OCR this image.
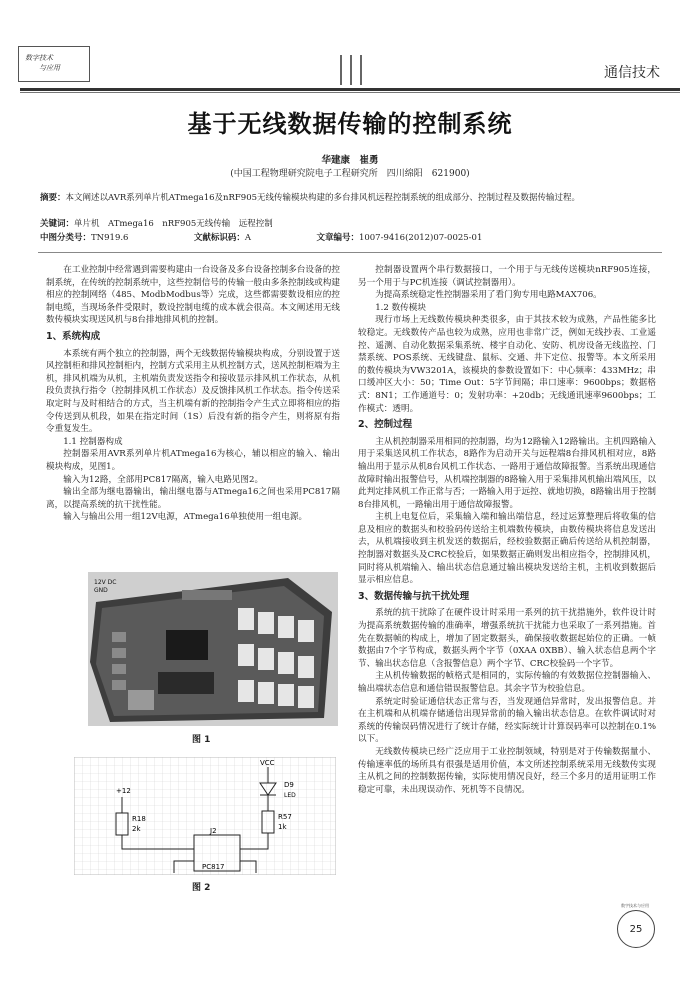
数字技术
与应用	通信技术
基于无线数据传输的控制系统
华建康　崔勇
(中国工程物理研究院电子工程研究所　四川绵阳　621900)
摘要：本文阐述以AVR系列单片机ATmega16及nRF905无线传输模块构建的多台排风机远程控制系统的组成部分、控制过程及数据传输过程。
关键词：单片机　ATmega16　nRF905无线传输　远程控制
中图分类号：TN919.6	文献标识码：A	文章编号：1007-9416(2012)07-0025-01

在工业控制中经常遇到需要构建由一台设备及多台设备控制多台设备的控制系统，在传统的控制系统中，这些控制信号的传输一般由多条控制线或构建相应的控制网络（485、ModbModbus等）完成，这些都需要数设相应的控制电缆，当现场条件受限时，数设控制电缆的成本就会很高。本文阐述用无线数传模块实现送风机与8台排地排风机的控制。

1、系统构成

本系统有两个独立的控制器，两个无线数据传输模块构成，分别设置于送风控制柜和排风控制柜内，控制方式采用主从机控制方式，送风控制柜端为主机，排风机端为从机，主机端负责发送指令和接收显示排风机工作状态，从机段负责执行指令（控制排风机工作状态）及反馈排风机工作状态。指令传送采取定时与及时相结合的方式，当主机端有新的控制指令产生式立即将相应的指令传送到从机段，如果在指定时间（1S）后没有新的指令产生，则将原有指令重复发生。

1.1 控制器构成

控制器采用AVR系列单片机ATmega16为核心，辅以相应的输入、输出模块构成，见图1。

输入为12路，全部用PC817隔离，输入电路见图2。

输出全部为继电器输出，输出继电器与ATmega16之间也采用PC817隔离，以提高系统的抗干扰性能。

输入与输出公用一组12V电源，ATmega16单独使用一组电源。

12V DC
GND
图 1
VCC
D9
LED
+12
R18
2k
R57
1k
J2
PC817
图 2

控制器设置两个串行数据接口，一个用于与无线传送模块nRF905连接，另一个用于与PC机连接（调试控制器用）。

为提高系统稳定性控制器采用了看门狗专用电路MAX706。

1.2 数传模块

现行市场上无线数传模块种类很多，由于其技术较为成熟，产品性能多比较稳定。无线数传产品也较为成熟，应用也非常广泛，例如无线抄表、工业遥控、遥测、自动化数据采集系统、楼宇自动化、安防、机房设备无线监控、门禁系统、POS系统、无线键盘、鼠标、交通、井下定位、报警等。本文所采用的数传模块为VW3201A，该模块的参数设置如下：中心频率：433MHz；串口缓冲区大小：50；Time Out：5字节间隔；串口速率：9600bps；数据格式：8N1；工作通道号：0；发射功率：+20db；无线通讯速率9600bps；工作模式：透明。

2、控制过程

主从机控制器采用相同的控制器，均为12路输入12路输出。主机四路输入用于采集送风机工作状态，8路作为启动开关与远程端8台排风机相对应，8路输出用于显示从机8台风机工作状态、一路用于通信故障报警。当系统出现通信故障时输出报警信号，从机端控制器的8路输入用于采集排风机输出端风压，以此判定排风机工作正常与否；一路输入用于远控、就地切换，8路输出用于控制8台排风机，一路输出用于通信故障报警。

主机上电复位后，采集输入端和输出端信息，经过运算整理后将收集的信息及相应的数据头和校验码传送给主机端数传模块，由数传模块将信息发送出去，从机端接收到主机发送的数据后，经校验数据正确后传送给从机控制器，控制器对数据头及CRC校验后，如果数据正确则发出相应指令，控制排风机，同时将从机端输入、输出状态信息通过输出模块发送给主机，主机收到数据后显示相应信息。

3、数据传输与抗干扰处理

系统的抗干扰除了在硬件设计时采用一系列的抗干扰措施外，软件设计时为提高系统数据传输的准确率，增强系统抗干扰能力也采取了一系列措施。首先在数据帧的构成上，增加了固定数据头，确保接收数据起始位的正确。一帧数据由7个字节构成，数据头两个字节（0XAA 0XBB）、输入状态信息两个字节、输出状态信息（含报警信息）两个字节、CRC校验码一个字节。

主从机传输数据的帧格式是相同的，实际传输的有效数据位控制器输入、输出端状态信息和通信错误报警信息。其余字节为校验信息。

系统定时验证通信状态正常与否，当发现通信异常时，发出报警信息。并在主机端和从机端存储通信出现异常前的输入输出状态信息。在软件调试时对系统的传输误码情况进行了统计存储，经实际统计计算误码率可以控制在0.1%以下。

无线数传模块已经广泛应用于工业控制领域，特别是对于传输数据量小、传输速率低的场所具有很强是适用价值，本文所述控制系统采用无线数传实现主从机之间的控制数据传输，实际使用情况良好，经三个多月的适用证明工作稳定可靠，未出现误动作、死机等不良情况。

数字技术与应用
25
